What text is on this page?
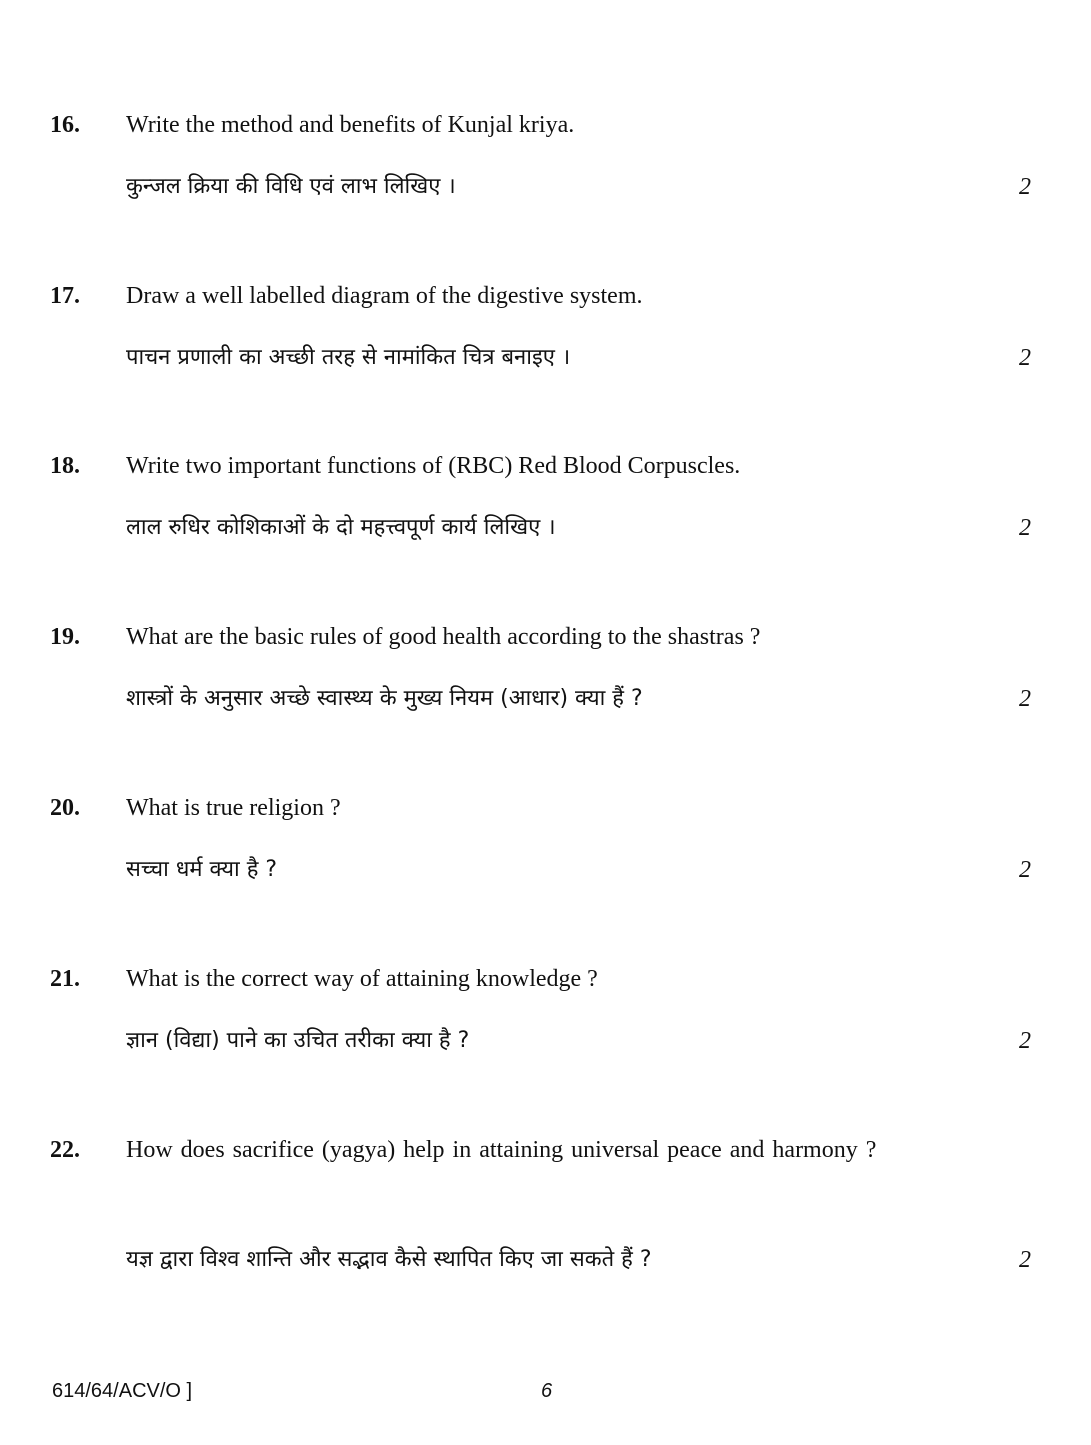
16. Write the method and benefits of Kunjal kriya.
कुन्जल क्रिया की विधि एवं लाभ लिखिए ।	2
17. Draw a well labelled diagram of the digestive system.
पाचन प्रणाली का अच्छी तरह से नामांकित चित्र बनाइए ।	2
18. Write two important functions of (RBC) Red Blood Corpuscles.
लाल रुधिर कोशिकाओं के दो महत्त्वपूर्ण कार्य लिखिए ।	2
19. What are the basic rules of good health according to the shastras ?
शास्त्रों के अनुसार अच्छे स्वास्थ्य के मुख्य नियम (आधार) क्या हैं ?	2
20. What is true religion ?
सच्चा धर्म क्या है ?	2
21. What is the correct way of attaining knowledge ?
ज्ञान (विद्या) पाने का उचित तरीका क्या है ?	2
22. How does sacrifice (yagya) help in attaining universal peace and harmony ?
यज्ञ द्वारा विश्व शान्ति और सद्भाव कैसे स्थापित किए जा सकते हैं ?	2
614/64/ACV/O ]	6
